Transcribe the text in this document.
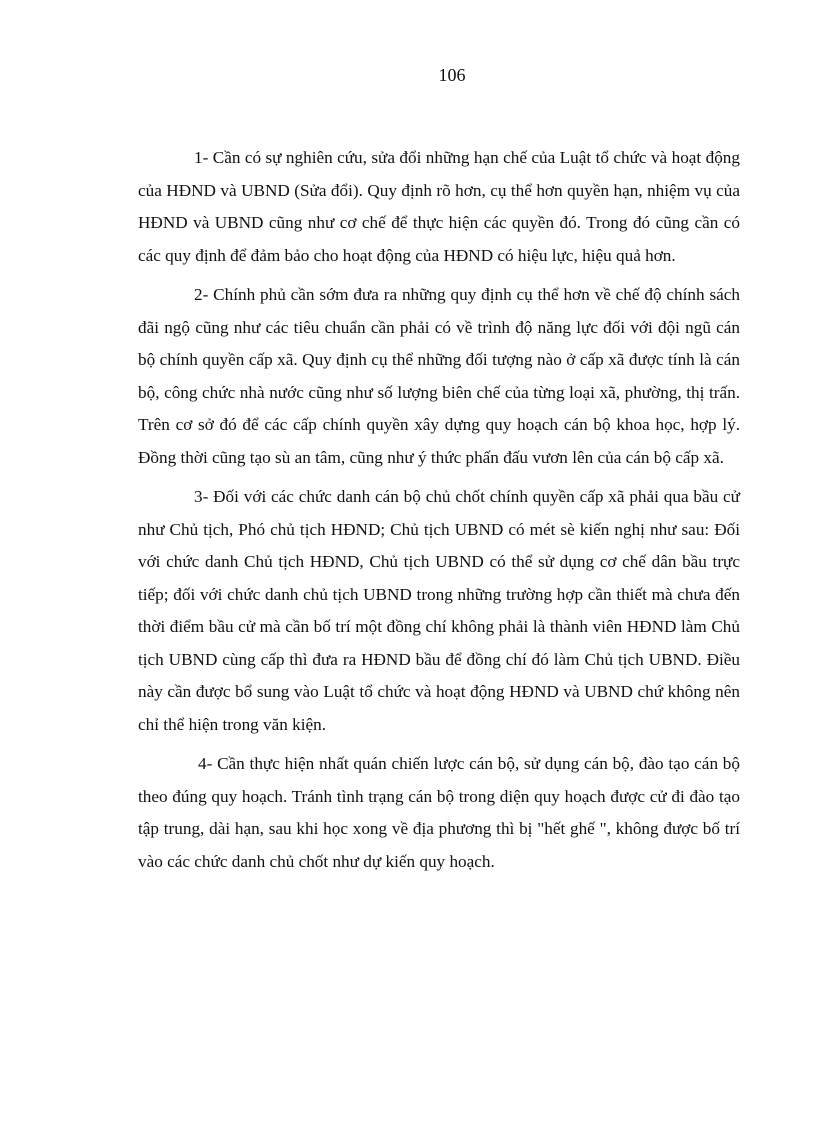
106

1- Cần có sự nghiên cứu, sửa đổi những hạn chế của Luật tổ chức và hoạt động của HĐND và UBND (Sửa đổi). Quy định rõ hơn, cụ thể hơn quyền hạn, nhiệm vụ của HĐND và UBND cũng như cơ chế để thực hiện các quyền đó. Trong đó cũng cần có các quy định để đảm bảo cho hoạt động của HĐND có hiệu lực, hiệu quả hơn.

2- Chính phủ cần sớm đưa ra những quy định cụ thể hơn về chế độ chính sách đãi ngộ cũng như các tiêu chuẩn cần phải có về trình độ năng lực đối với đội ngũ cán bộ chính quyền cấp xã. Quy định cụ thể những đối tượng nào ở cấp xã được tính là cán bộ, công chức nhà nước cũng như số lượng biên chế của từng loại xã, phường, thị trấn. Trên cơ sở đó để các cấp chính quyền xây dựng quy hoạch cán bộ khoa học, hợp lý. Đồng thời cũng tạo sù an tâm, cũng như ý thức phấn đấu vươn lên của cán bộ cấp xã.

3- Đối với các chức danh cán bộ chủ chốt chính quyền cấp xã phải qua bầu cử như Chủ tịch, Phó chủ tịch HĐND; Chủ tịch UBND có mét sè kiến nghị như sau: Đối với chức danh Chủ tịch HĐND, Chủ tịch UBND có thể sử dụng cơ chế dân bầu trực tiếp; đối với chức danh chủ tịch UBND trong những trường hợp cần thiết mà chưa đến thời điểm bầu cử mà cần bố trí một đồng chí không phải là thành viên HĐND làm Chủ tịch UBND cùng cấp thì đưa ra HĐND bầu để đồng chí đó làm Chủ tịch UBND. Điều này cần được bổ sung vào Luật tổ chức và hoạt động HĐND và UBND chứ không nên chỉ thể hiện trong văn kiện.

4- Cần thực hiện nhất quán chiến lược cán bộ, sử dụng cán bộ, đào tạo cán bộ theo đúng quy hoạch. Tránh tình trạng cán bộ trong diện quy hoạch được cử đi đào tạo tập trung, dài hạn, sau khi học xong về địa phương thì bị "hết ghế ", không được bố trí vào các chức danh chủ chốt như dự kiến quy hoạch.
